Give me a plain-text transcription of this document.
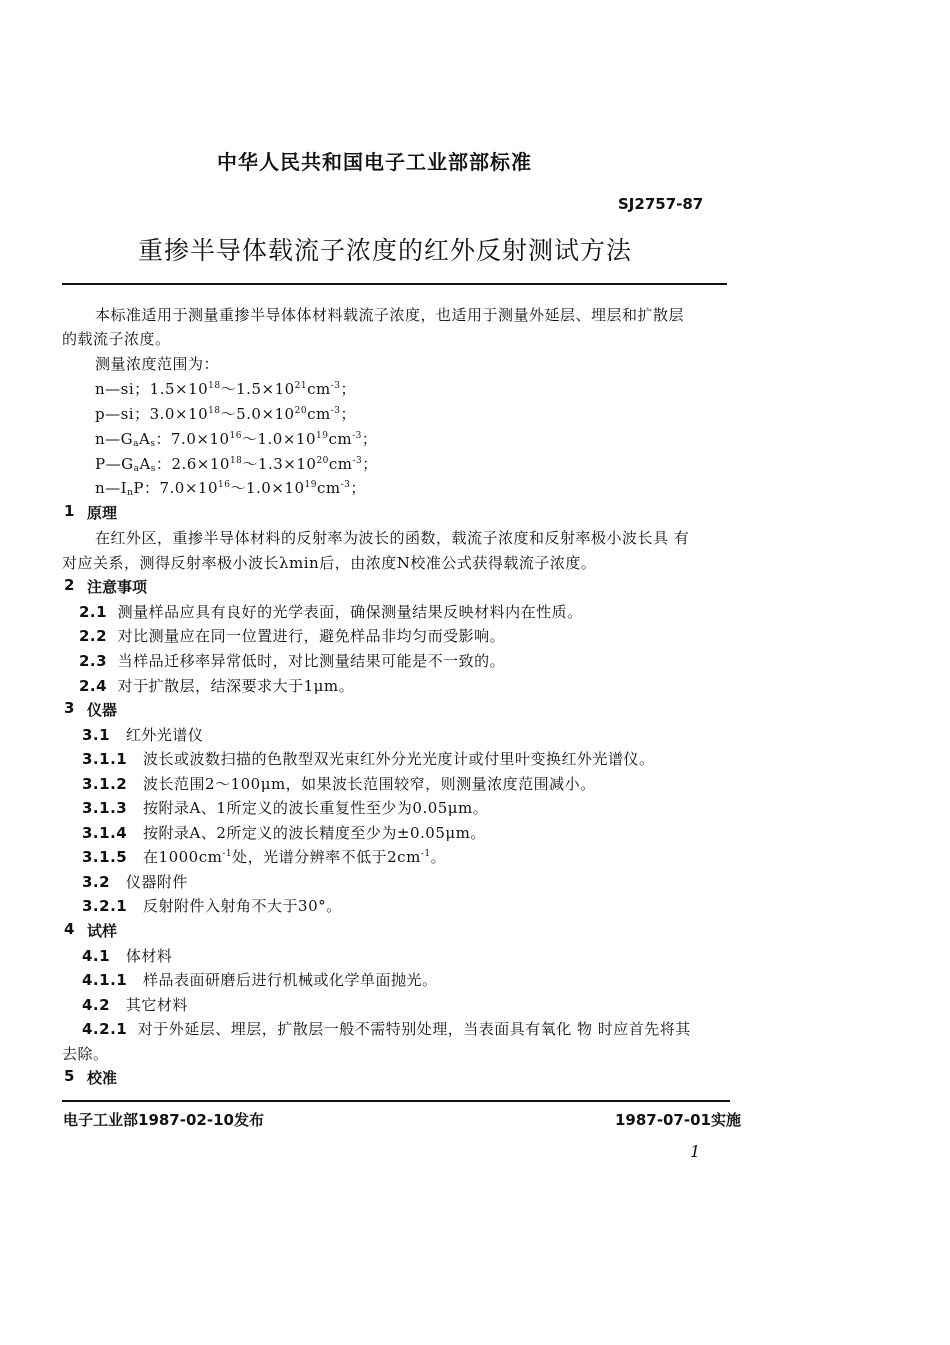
中华人民共和国电子工业部部标准
SJ2757-87
重掺半导体载流子浓度的红外反射测试方法
本标准适用于测量重掺半导体体材料载流子浓度，也适用于测量外延层、埋层和扩散层
的载流子浓度。
测量浓度范围为：
n—si；$1.5\times 10^{18}\sim 1.5\times 10^{21}cm^{-3}$；
p—si；$3.0\times 10^{18}\sim 5.0\times 10^{20}cm^{-3}$；
$n—G_aA_s$：$7.0\times 10^{16}\sim 1.0\times 10^{19}cm^{-3}$；
$P—G_aA_s$：$2.6\times 10^{18}\sim 1.3\times 10^{20}cm^{-3}$；
$n—I_nP$：$7.0\times 10^{16}\sim 1.0\times 10^{19}cm^{-3}$；
1 原理
在红外区，重掺半导体材料的反射率为波长的函数，载流子浓度和反射率极小波长具 有
对应关系，测得反射率极小波长λmin后，由浓度N校准公式获得载流子浓度。
2 注意事项
2.1 测量样品应具有良好的光学表面，确保测量结果反映材料内在性质。
2.2 对比测量应在同一位置进行，避免样品非均匀而受影响。
2.3 当样品迁移率异常低时，对比测量结果可能是不一致的。
2.4 对于扩散层，结深要求大于1μm。
3 仪器
3.1 红外光谱仪
3.1.1 波长或波数扫描的色散型双光束红外分光光度计或付里叶变换红外光谱仪。
3.1.2 波长范围2～100μm，如果波长范围较窄，则测量浓度范围减小。
3.1.3 按附录A、1所定义的波长重复性至少为0.05μm。
3.1.4 按附录A、2所定义的波长精度至少为±0.05μm。
3.1.5 在$1000cm^{-1}$处，光谱分辨率不低于$2cm^{-1}$。
3.2 仪器附件
3.2.1 反射附件入射角不大于30°。
4 试样
4.1 体材料
4.1.1 样品表面研磨后进行机械或化学单面抛光。
4.2 其它材料
4.2.1 对于外延层、埋层，扩散层一般不需特别处理，当表面具有氧化 物 时应首先将其
去除。
5 校准
电子工业部1987-02-10发布	1987-07-01实施
1
